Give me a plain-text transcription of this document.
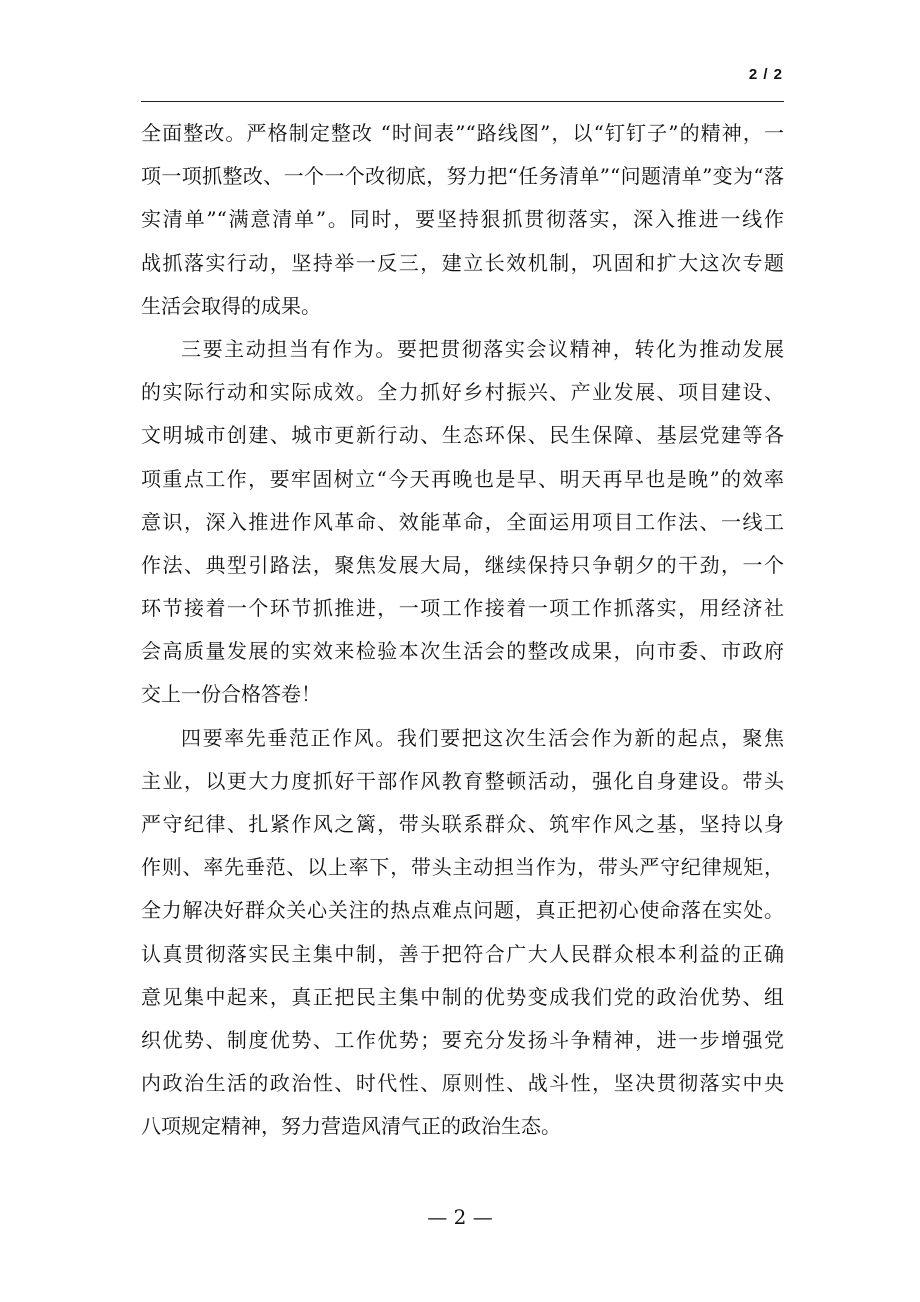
2 / 2
全面整改。严格制定整改 “时间表”“路线图”，以“钉钉子”的精神，一
项一项抓整改、一个一个改彻底，努力把“任务清单”“问题清单”变为“落
实清单”“满意清单”。同时，要坚持狠抓贯彻落实，深入推进一线作
战抓落实行动，坚持举一反三，建立长效机制，巩固和扩大这次专题
生活会取得的成果。
三要主动担当有作为。要把贯彻落实会议精神，转化为推动发展
的实际行动和实际成效。全力抓好乡村振兴、产业发展、项目建设、
文明城市创建、城市更新行动、生态环保、民生保障、基层党建等各
项重点工作，要牢固树立“今天再晚也是早、明天再早也是晚”的效率
意识，深入推进作风革命、效能革命，全面运用项目工作法、一线工
作法、典型引路法，聚焦发展大局，继续保持只争朝夕的干劲，一个
环节接着一个环节抓推进，一项工作接着一项工作抓落实，用经济社
会高质量发展的实效来检验本次生活会的整改成果，向市委、市政府
交上一份合格答卷！
四要率先垂范正作风。我们要把这次生活会作为新的起点，聚焦
主业，以更大力度抓好干部作风教育整顿活动，强化自身建设。带头
严守纪律、扎紧作风之篱，带头联系群众、筑牢作风之基，坚持以身
作则、率先垂范、以上率下，带头主动担当作为，带头严守纪律规矩，
全力解决好群众关心关注的热点难点问题，真正把初心使命落在实处。
认真贯彻落实民主集中制，善于把符合广大人民群众根本利益的正确
意见集中起来，真正把民主集中制的优势变成我们党的政治优势、组
织优势、制度优势、工作优势；要充分发扬斗争精神，进一步增强党
内政治生活的政治性、时代性、原则性、战斗性，坚决贯彻落实中央
八项规定精神，努力营造风清气正的政治生态。
— 2 —
